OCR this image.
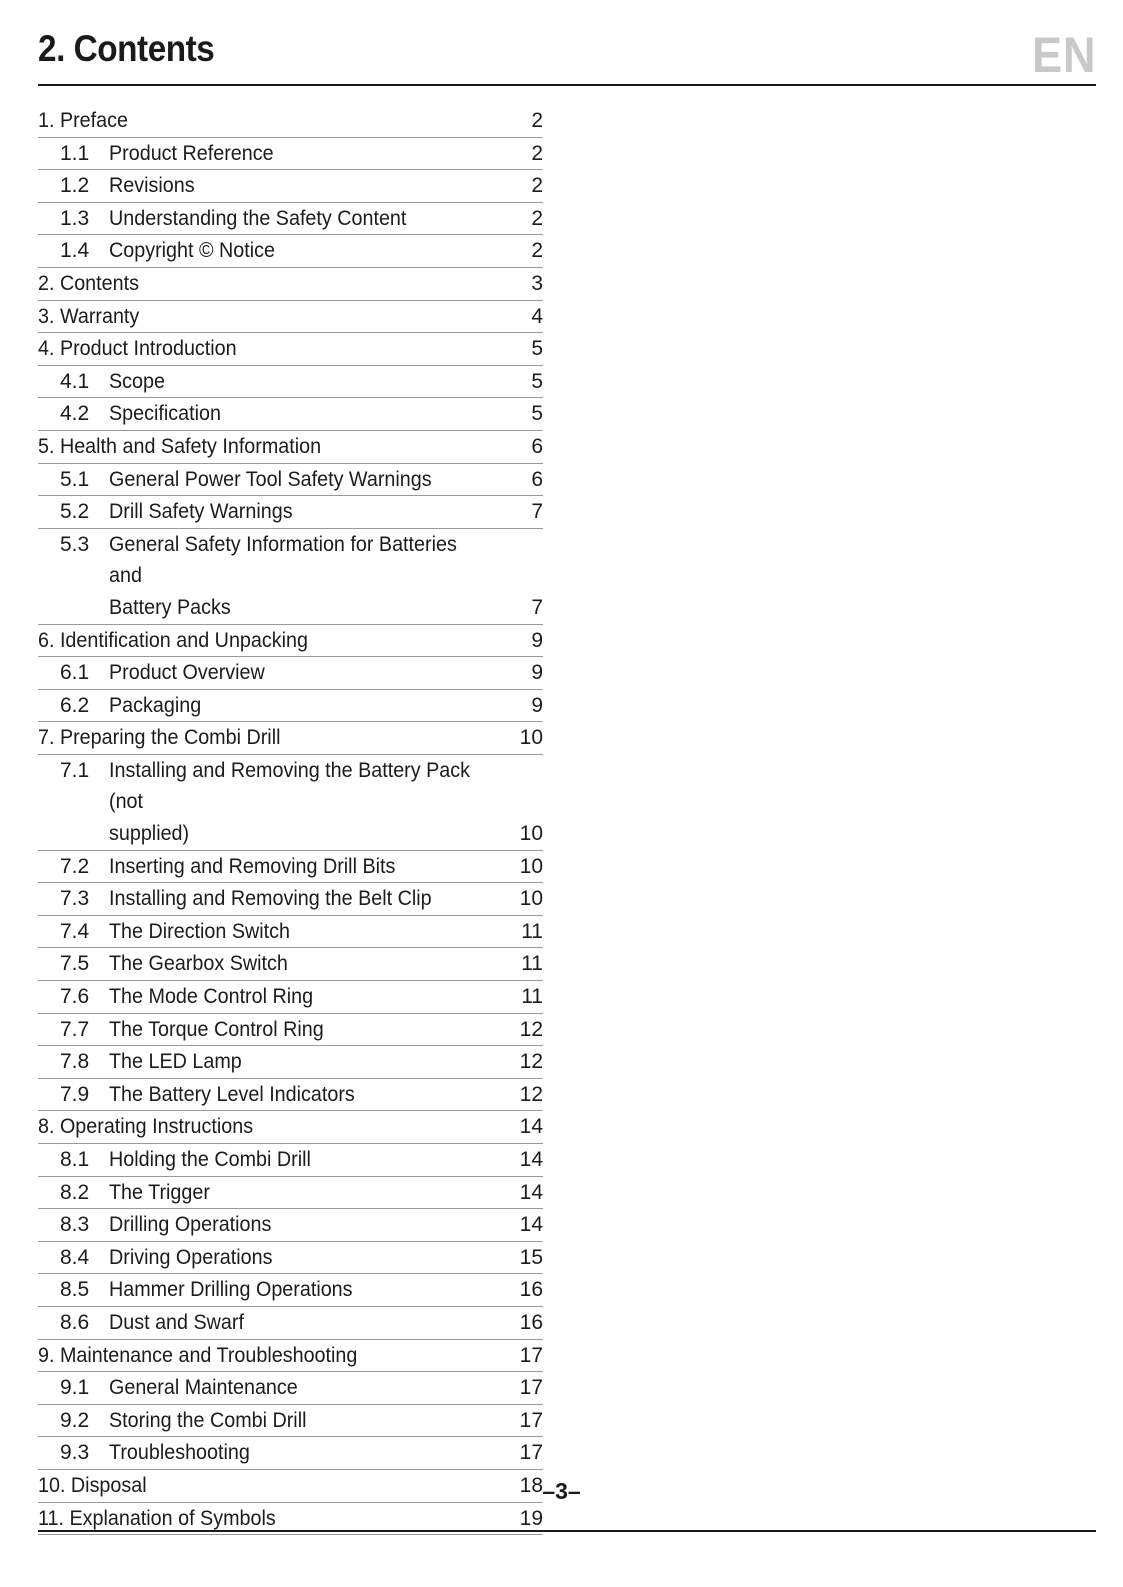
2. Contents	EN
1. Preface	2
1.1 Product Reference	2
1.2 Revisions	2
1.3 Understanding the Safety Content	2
1.4 Copyright © Notice	2
2. Contents	3
3. Warranty	4
4. Product Introduction	5
4.1 Scope	5
4.2 Specification	5
5. Health and Safety Information	6
5.1 General Power Tool Safety Warnings	6
5.2 Drill Safety Warnings	7
5.3 General Safety Information for Batteries and
Battery Packs	7
6. Identification and Unpacking	9
6.1 Product Overview	9
6.2 Packaging	9
7. Preparing the Combi Drill	10
7.1 Installing and Removing the Battery Pack (not
supplied)	10
7.2 Inserting and Removing Drill Bits	10
7.3 Installing and Removing the Belt Clip	10
7.4 The Direction Switch	11
7.5 The Gearbox Switch	11
7.6 The Mode Control Ring	11
7.7 The Torque Control Ring	12
7.8 The LED Lamp	12
7.9 The Battery Level Indicators	12
8. Operating Instructions	14
8.1 Holding the Combi Drill	14
8.2 The Trigger	14
8.3 Drilling Operations	14
8.4 Driving Operations	15
8.5 Hammer Drilling Operations	16
8.6 Dust and Swarf	16
9. Maintenance and Troubleshooting	17
9.1 General Maintenance	17
9.2 Storing the Combi Drill	17
9.3 Troubleshooting	17
10. Disposal	18
11. Explanation of Symbols	19
–3–
